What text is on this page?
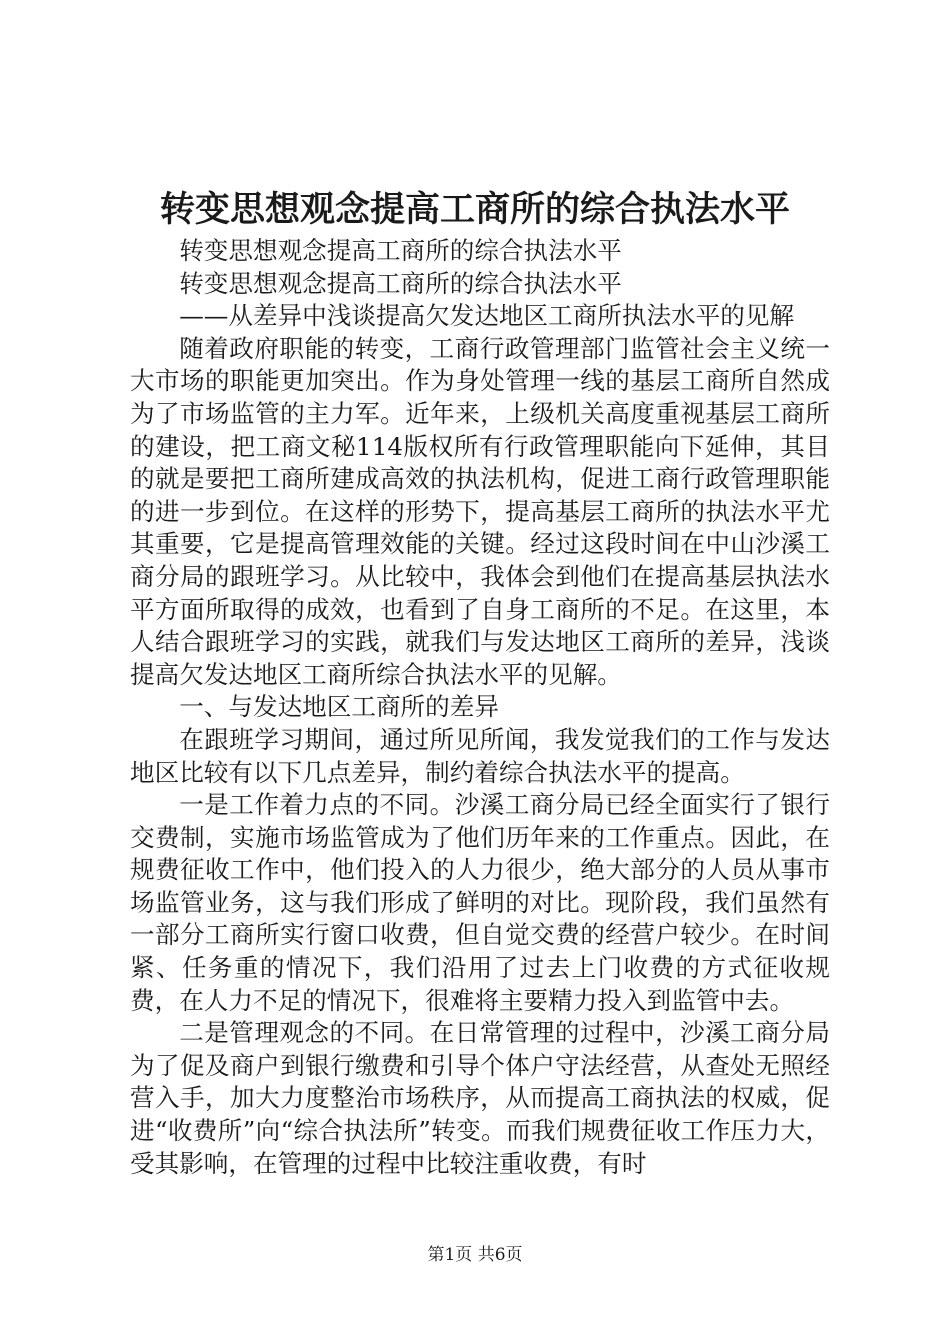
转变思想观念提高工商所的综合执法水平

转变思想观念提高工商所的综合执法水平

转变思想观念提高工商所的综合执法水平

——从差异中浅谈提高欠发达地区工商所执法水平的见解

随着政府职能的转变，工商行政管理部门监管社会主义统一大市场的职能更加突出。作为身处管理一线的基层工商所自然成为了市场监管的主力军。近年来，上级机关高度重视基层工商所的建设，把工商文秘114版权所有行政管理职能向下延伸，其目的就是要把工商所建成高效的执法机构，促进工商行政管理职能的进一步到位。在这样的形势下，提高基层工商所的执法水平尤其重要，它是提高管理效能的关键。经过这段时间在中山沙溪工商分局的跟班学习。从比较中，我体会到他们在提高基层执法水平方面所取得的成效，也看到了自身工商所的不足。在这里，本人结合跟班学习的实践，就我们与发达地区工商所的差异，浅谈提高欠发达地区工商所综合执法水平的见解。

一、与发达地区工商所的差异

在跟班学习期间，通过所见所闻，我发觉我们的工作与发达地区比较有以下几点差异，制约着综合执法水平的提高。

一是工作着力点的不同。沙溪工商分局已经全面实行了银行交费制，实施市场监管成为了他们历年来的工作重点。因此，在规费征收工作中，他们投入的人力很少，绝大部分的人员从事市场监管业务，这与我们形成了鲜明的对比。现阶段，我们虽然有一部分工商所实行窗口收费，但自觉交费的经营户较少。在时间紧、任务重的情况下，我们沿用了过去上门收费的方式征收规费，在人力不足的情况下，很难将主要精力投入到监管中去。

二是管理观念的不同。在日常管理的过程中，沙溪工商分局为了促及商户到银行缴费和引导个体户守法经营，从查处无照经营入手，加大力度整治市场秩序，从而提高工商执法的权威，促进“收费所”向“综合执法所”转变。而我们规费征收工作压力大，受其影响，在管理的过程中比较注重收费，有时

第1页 共6页
